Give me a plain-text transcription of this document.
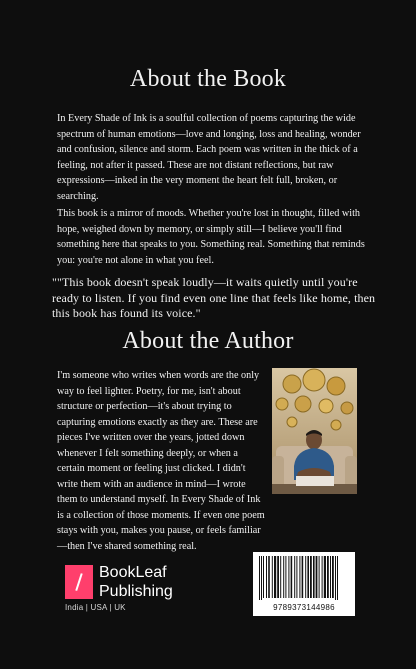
About the Book

In Every Shade of Ink is a soulful collection of poems capturing the wide spectrum of human emotions—love and longing, loss and healing, wonder and confusion, silence and storm. Each poem was written in the thick of a feeling, not after it passed. These are not distant reflections, but raw expressions—inked in the very moment the heart felt full, broken, or searching.

This book is a mirror of moods. Whether you're lost in thought, filled with hope, weighed down by memory, or simply still—I believe you'll find something here that speaks to you. Something real. Something that reminds you: you're not alone in what you feel.

""This book doesn't speak loudly—it waits quietly until you're ready to listen. If you find even one line that feels like home, then this book has found its voice."

About the Author

I'm someone who writes when words are the only way to feel lighter. Poetry, for me, isn't about structure or perfection—it's about trying to capturing emotions exactly as they are. These are pieces I've written over the years, jotted down whenever I felt something deeply, or when a certain moment or feeling just clicked. I didn't write them with an audience in mind—I wrote them to understand myself. In Every Shade of Ink is a collection of those moments. If even one poem stays with you, makes you pause, or feels familiar—then I've shared something real.

BookLeaf
Publishing
India | USA | UK	9789373144986
